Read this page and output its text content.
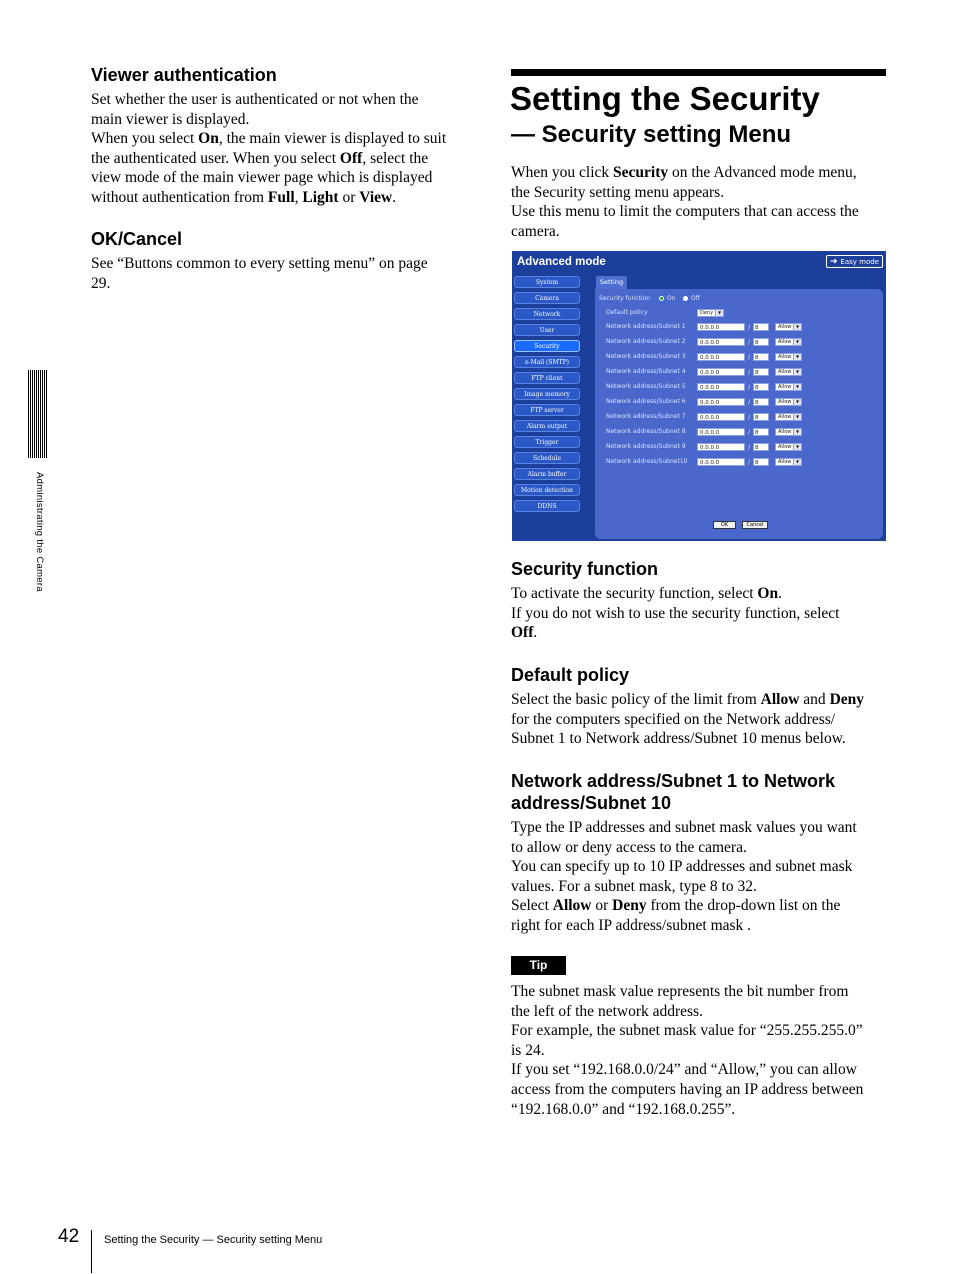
Viewer authentication

Set whether the user is authenticated or not when the
main viewer is displayed.
When you select On, the main viewer is displayed to suit
the authenticated user. When you select Off, select the
view mode of the main viewer page which is displayed
without authentication from Full, Light or View.

OK/Cancel

See “Buttons common to every setting menu” on page
29.

Administrating the Camera
Setting the Security
— Security setting Menu

When you click Security on the Advanced mode menu,
the Security setting menu appears.
Use this menu to limit the computers that can access the
camera.

Advanced mode	➜ Easy mode
System
Camera
Network
User
Security
e-Mail (SMTP)
FTP client
Image memory
FTP server
Alarm output
Trigger
Schedule
Alarm buffer
Motion detection
DDNS
Setting
Security function	On	Off
Default policy	Deny	▼
Network address/Subnet 1	0.0.0.0	/ 8	Allow	▼
Network address/Subnet 2	0.0.0.0	/ 8	Allow	▼
Network address/Subnet 3	0.0.0.0	/ 8	Allow	▼
Network address/Subnet 4	0.0.0.0	/ 8	Allow	▼
Network address/Subnet 5	0.0.0.0	/ 8	Allow	▼
Network address/Subnet 6	0.0.0.0	/ 8	Allow	▼
Network address/Subnet 7	0.0.0.0	/ 8	Allow	▼
Network address/Subnet 8	0.0.0.0	/ 8	Allow	▼
Network address/Subnet 9	0.0.0.0	/ 8	Allow	▼
Network address/Subnet10	0.0.0.0	/ 8	Allow	▼
OK	Cancel
Security function

To activate the security function, select On.
If you do not wish to use the security function, select
Off.

Default policy

Select the basic policy of the limit from Allow and Deny
for the computers specified on the Network address/
Subnet 1 to Network address/Subnet 10 menus below.

Network address/Subnet 1 to Network
address/Subnet 10

Type the IP addresses and subnet mask values you want
to allow or deny access to the camera.
You can specify up to 10 IP addresses and subnet mask
values. For a subnet mask, type 8 to 32.
Select Allow or Deny from the drop-down list on the
right for each IP address/subnet mask .

Tip

The subnet mask value represents the bit number from
the left of the network address.
For example, the subnet mask value for “255.255.255.0”
is 24.
If you set “192.168.0.0/24” and “Allow,” you can allow
access from the computers having an IP address between
“192.168.0.0” and “192.168.0.255”.

42 Setting the Security — Security setting Menu
